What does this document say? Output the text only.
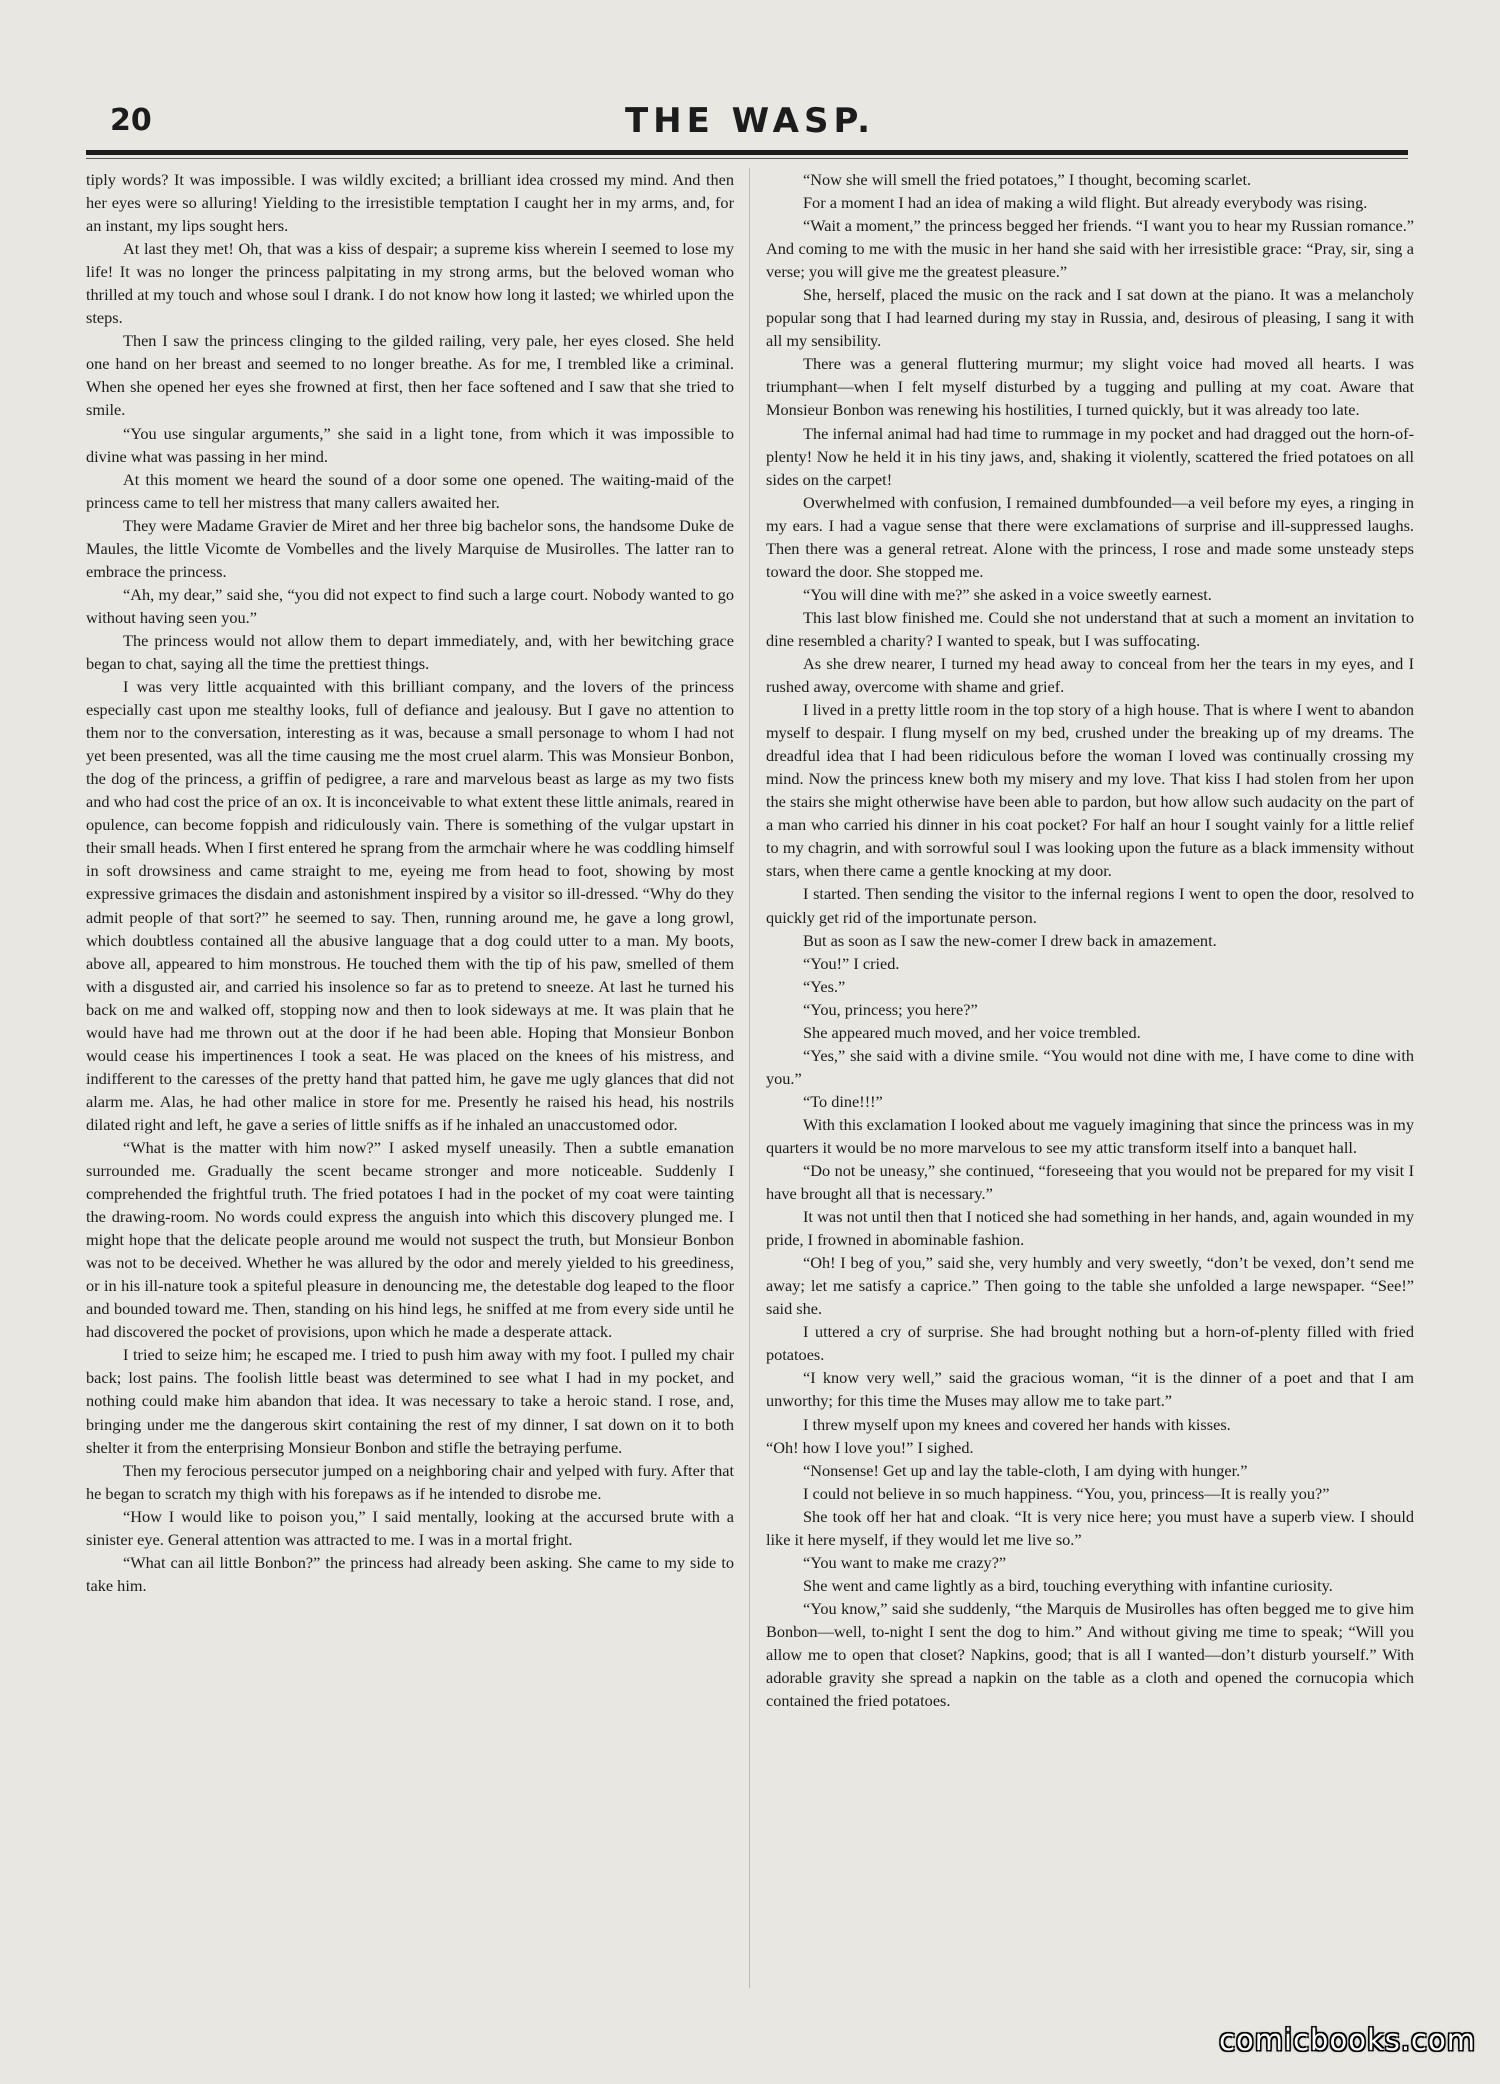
20	THE WASP.

tiply words? It was impossible. I was wildly excited; a brilliant idea crossed my mind. And then her eyes were so alluring! Yielding to the irresistible temptation I caught her in my arms, and, for an instant, my lips sought hers.

At last they met! Oh, that was a kiss of despair; a supreme kiss wherein I seemed to lose my life! It was no longer the princess palpitating in my strong arms, but the beloved woman who thrilled at my touch and whose soul I drank. I do not know how long it lasted; we whirled upon the steps.

Then I saw the princess clinging to the gilded railing, very pale, her eyes closed. She held one hand on her breast and seemed to no longer breathe. As for me, I trembled like a criminal. When she opened her eyes she frowned at first, then her face softened and I saw that she tried to smile.

“You use singular arguments,” she said in a light tone, from which it was impossible to divine what was passing in her mind.

At this moment we heard the sound of a door some one opened. The waiting-maid of the princess came to tell her mistress that many callers awaited her.

They were Madame Gravier de Miret and her three big bachelor sons, the handsome Duke de Maules, the little Vicomte de Vombelles and the lively Marquise de Musirolles. The latter ran to embrace the princess.

“Ah, my dear,” said she, “you did not expect to find such a large court. Nobody wanted to go without having seen you.”

The princess would not allow them to depart immediately, and, with her bewitching grace began to chat, saying all the time the prettiest things.

I was very little acquainted with this brilliant company, and the lovers of the princess especially cast upon me stealthy looks, full of defiance and jealousy. But I gave no attention to them nor to the conversation, interesting as it was, because a small personage to whom I had not yet been presented, was all the time causing me the most cruel alarm. This was Monsieur Bonbon, the dog of the princess, a griffin of pedigree, a rare and marvelous beast as large as my two fists and who had cost the price of an ox. It is inconceivable to what extent these little animals, reared in opulence, can become foppish and ridiculously vain. There is something of the vulgar upstart in their small heads. When I first entered he sprang from the armchair where he was coddling himself in soft drowsiness and came straight to me, eyeing me from head to foot, showing by most expressive grimaces the disdain and astonishment inspired by a visitor so ill-dressed. “Why do they admit people of that sort?” he seemed to say. Then, running around me, he gave a long growl, which doubtless contained all the abusive language that a dog could utter to a man. My boots, above all, appeared to him monstrous. He touched them with the tip of his paw, smelled of them with a disgusted air, and carried his insolence so far as to pretend to sneeze. At last he turned his back on me and walked off, stopping now and then to look sideways at me. It was plain that he would have had me thrown out at the door if he had been able. Hoping that Monsieur Bonbon would cease his impertinences I took a seat. He was placed on the knees of his mistress, and indifferent to the caresses of the pretty hand that patted him, he gave me ugly glances that did not alarm me. Alas, he had other malice in store for me. Presently he raised his head, his nostrils dilated right and left, he gave a series of little sniffs as if he inhaled an unaccustomed odor.

“What is the matter with him now?” I asked myself uneasily. Then a subtle emanation surrounded me. Gradually the scent became stronger and more noticeable. Suddenly I comprehended the frightful truth. The fried potatoes I had in the pocket of my coat were tainting the drawing-room. No words could express the anguish into which this discovery plunged me. I might hope that the delicate people around me would not suspect the truth, but Monsieur Bonbon was not to be deceived. Whether he was allured by the odor and merely yielded to his greediness, or in his ill-nature took a spiteful pleasure in denouncing me, the detestable dog leaped to the floor and bounded toward me. Then, standing on his hind legs, he sniffed at me from every side until he had discovered the pocket of provisions, upon which he made a desperate attack.

I tried to seize him; he escaped me. I tried to push him away with my foot. I pulled my chair back; lost pains. The foolish little beast was determined to see what I had in my pocket, and nothing could make him abandon that idea. It was necessary to take a heroic stand. I rose, and, bringing under me the dangerous skirt containing the rest of my dinner, I sat down on it to both shelter it from the enterprising Monsieur Bonbon and stifle the betraying perfume.

Then my ferocious persecutor jumped on a neighboring chair and yelped with fury. After that he began to scratch my thigh with his forepaws as if he intended to disrobe me.

“How I would like to poison you,” I said mentally, looking at the accursed brute with a sinister eye. General attention was attracted to me. I was in a mortal fright.

“What can ail little Bonbon?” the princess had already been asking. She came to my side to take him.

“Now she will smell the fried potatoes,” I thought, becoming scarlet.

For a moment I had an idea of making a wild flight. But already everybody was rising.

“Wait a moment,” the princess begged her friends. “I want you to hear my Russian romance.” And coming to me with the music in her hand she said with her irresistible grace: “Pray, sir, sing a verse; you will give me the greatest pleasure.”

She, herself, placed the music on the rack and I sat down at the piano. It was a melancholy popular song that I had learned during my stay in Russia, and, desirous of pleasing, I sang it with all my sensibility.

There was a general fluttering murmur; my slight voice had moved all hearts. I was triumphant—when I felt myself disturbed by a tugging and pulling at my coat. Aware that Monsieur Bonbon was renewing his hostilities, I turned quickly, but it was already too late.

The infernal animal had had time to rummage in my pocket and had dragged out the horn-of-plenty! Now he held it in his tiny jaws, and, shaking it violently, scattered the fried potatoes on all sides on the carpet!

Overwhelmed with confusion, I remained dumbfounded—a veil before my eyes, a ringing in my ears. I had a vague sense that there were exclamations of surprise and ill-suppressed laughs. Then there was a general retreat. Alone with the princess, I rose and made some unsteady steps toward the door. She stopped me.

“You will dine with me?” she asked in a voice sweetly earnest.

This last blow finished me. Could she not understand that at such a moment an invitation to dine resembled a charity? I wanted to speak, but I was suffocating.

As she drew nearer, I turned my head away to conceal from her the tears in my eyes, and I rushed away, overcome with shame and grief.

I lived in a pretty little room in the top story of a high house. That is where I went to abandon myself to despair. I flung myself on my bed, crushed under the breaking up of my dreams. The dreadful idea that I had been ridiculous before the woman I loved was continually crossing my mind. Now the princess knew both my misery and my love. That kiss I had stolen from her upon the stairs she might otherwise have been able to pardon, but how allow such audacity on the part of a man who carried his dinner in his coat pocket? For half an hour I sought vainly for a little relief to my chagrin, and with sorrowful soul I was looking upon the future as a black immensity without stars, when there came a gentle knocking at my door.

I started. Then sending the visitor to the infernal regions I went to open the door, resolved to quickly get rid of the importunate person.

But as soon as I saw the new-comer I drew back in amazement.

“You!” I cried.

“Yes.”

“You, princess; you here?”

She appeared much moved, and her voice trembled.

“Yes,” she said with a divine smile. “You would not dine with me, I have come to dine with you.”

“To dine!!!”

With this exclamation I looked about me vaguely imagining that since the princess was in my quarters it would be no more marvelous to see my attic transform itself into a banquet hall.

“Do not be uneasy,” she continued, “foreseeing that you would not be prepared for my visit I have brought all that is necessary.”

It was not until then that I noticed she had something in her hands, and, again wounded in my pride, I frowned in abominable fashion.

“Oh! I beg of you,” said she, very humbly and very sweetly, “don’t be vexed, don’t send me away; let me satisfy a caprice.” Then going to the table she unfolded a large newspaper. “See!” said she.

I uttered a cry of surprise. She had brought nothing but a horn-of-plenty filled with fried potatoes.

“I know very well,” said the gracious woman, “it is the dinner of a poet and that I am unworthy; for this time the Muses may allow me to take part.”

I threw myself upon my knees and covered her hands with kisses.

“Oh! how I love you!” I sighed.

“Nonsense! Get up and lay the table-cloth, I am dying with hunger.”

I could not believe in so much happiness. “You, you, princess—It is really you?”

She took off her hat and cloak. “It is very nice here; you must have a superb view. I should like it here myself, if they would let me live so.”

“You want to make me crazy?”

She went and came lightly as a bird, touching everything with infantine curiosity.

“You know,” said she suddenly, “the Marquis de Musirolles has often begged me to give him Bonbon—well, to-night I sent the dog to him.” And without giving me time to speak; “Will you allow me to open that closet? Napkins, good; that is all I wanted—don’t disturb yourself.” With adorable gravity she spread a napkin on the table as a cloth and opened the cornucopia which contained the fried potatoes.

comicbooks.com
